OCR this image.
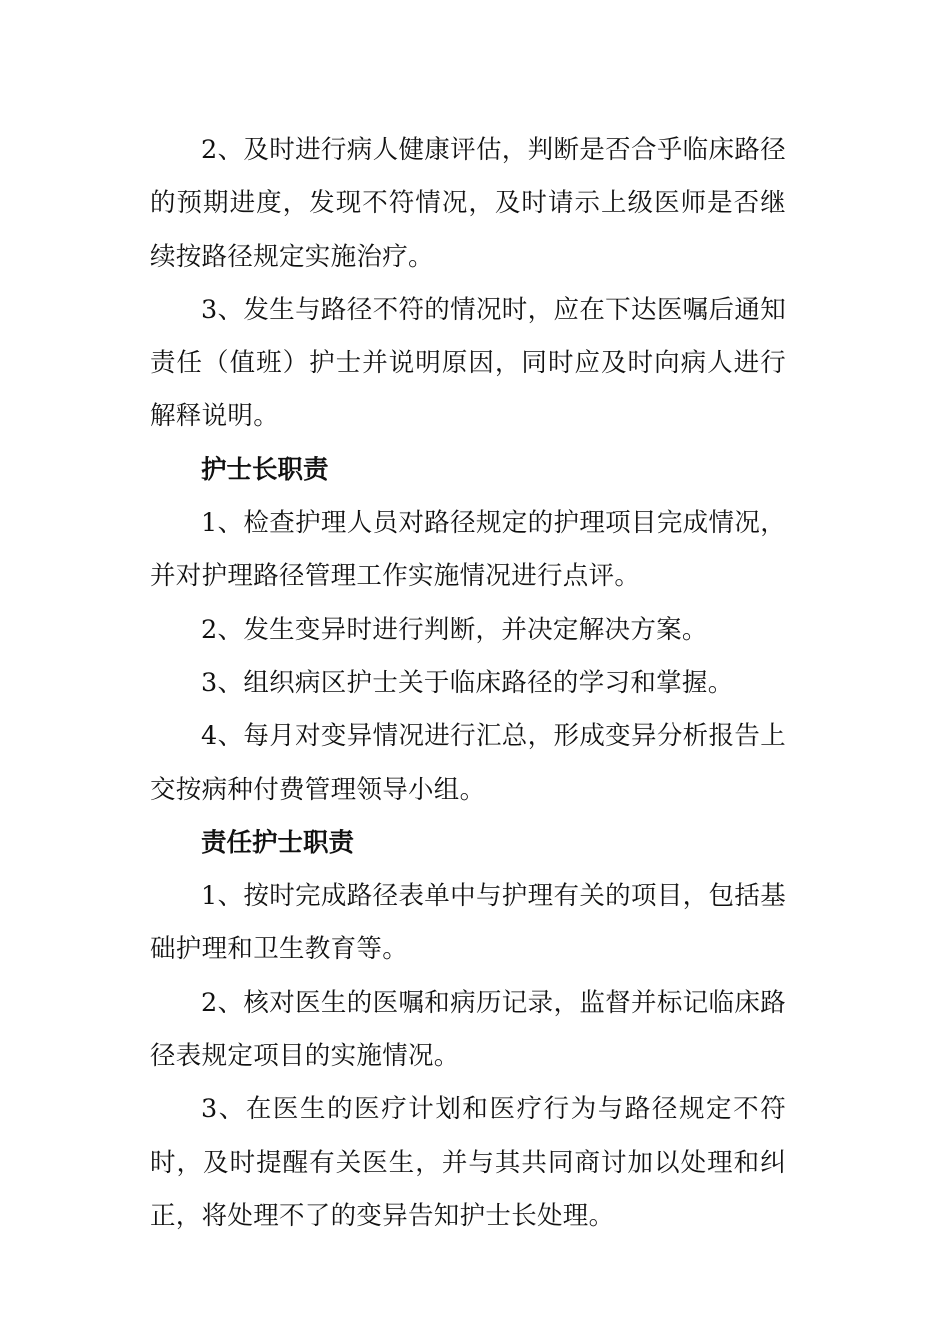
2、及时进行病人健康评估，判断是否合乎临床路径的预期进度，发现不符情况，及时请示上级医师是否继续按路径规定实施治疗。

3、发生与路径不符的情况时，应在下达医嘱后通知责任（值班）护士并说明原因，同时应及时向病人进行解释说明。

护士长职责

1、检查护理人员对路径规定的护理项目完成情况，并对护理路径管理工作实施情况进行点评。

2、发生变异时进行判断，并决定解决方案。

3、组织病区护士关于临床路径的学习和掌握。

4、每月对变异情况进行汇总，形成变异分析报告上交按病种付费管理领导小组。

责任护士职责

1、按时完成路径表单中与护理有关的项目，包括基础护理和卫生教育等。

2、核对医生的医嘱和病历记录，监督并标记临床路径表规定项目的实施情况。

3、在医生的医疗计划和医疗行为与路径规定不符时，及时提醒有关医生，并与其共同商讨加以处理和纠正，将处理不了的变异告知护士长处理。
